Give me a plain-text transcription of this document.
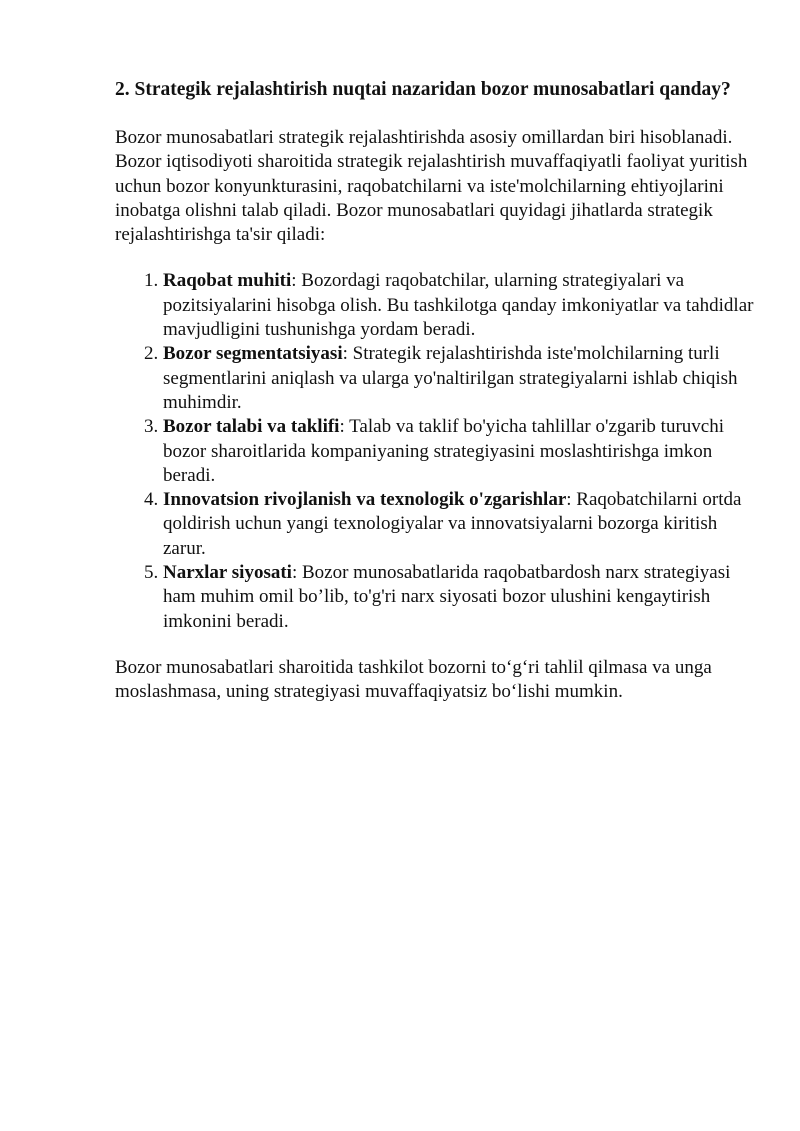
2. Strategik rejalashtirish nuqtai nazaridan bozor munosabatlari qanday?

Bozor munosabatlari strategik rejalashtirishda asosiy omillardan biri hisoblanadi. Bozor iqtisodiyoti sharoitida strategik rejalashtirish muvaffaqiyatli faoliyat yuritish uchun bozor konyunkturasini, raqobatchilarni va iste'molchilarning ehtiyojlarini inobatga olishni talab qiladi. Bozor munosabatlari quyidagi jihatlarda strategik rejalashtirishga ta'sir qiladi:

1. Raqobat muhiti: Bozordagi raqobatchilar, ularning strategiyalari va pozitsiyalarini hisobga olish. Bu tashkilotga qanday imkoniyatlar va tahdidlar mavjudligini tushunishga yordam beradi.
2. Bozor segmentatsiyasi: Strategik rejalashtirishda iste'molchilarning turli segmentlarini aniqlash va ularga yo'naltirilgan strategiyalarni ishlab chiqish muhimdir.
3. Bozor talabi va taklifi: Talab va taklif bo'yicha tahlillar o'zgarib turuvchi bozor sharoitlarida kompaniyaning strategiyasini moslashtirishga imkon beradi.
4. Innovatsion rivojlanish va texnologik o'zgarishlar: Raqobatchilarni ortda qoldirish uchun yangi texnologiyalar va innovatsiyalarni bozorga kiritish zarur.
5. Narxlar siyosati: Bozor munosabatlarida raqobatbardosh narx strategiyasi ham muhim omil bo’lib, to'g'ri narx siyosati bozor ulushini kengaytirish imkonini beradi.

Bozor munosabatlari sharoitida tashkilot bozorni to‘g‘ri tahlil qilmasa va unga moslashmasa, uning strategiyasi muvaffaqiyatsiz bo‘lishi mumkin.
